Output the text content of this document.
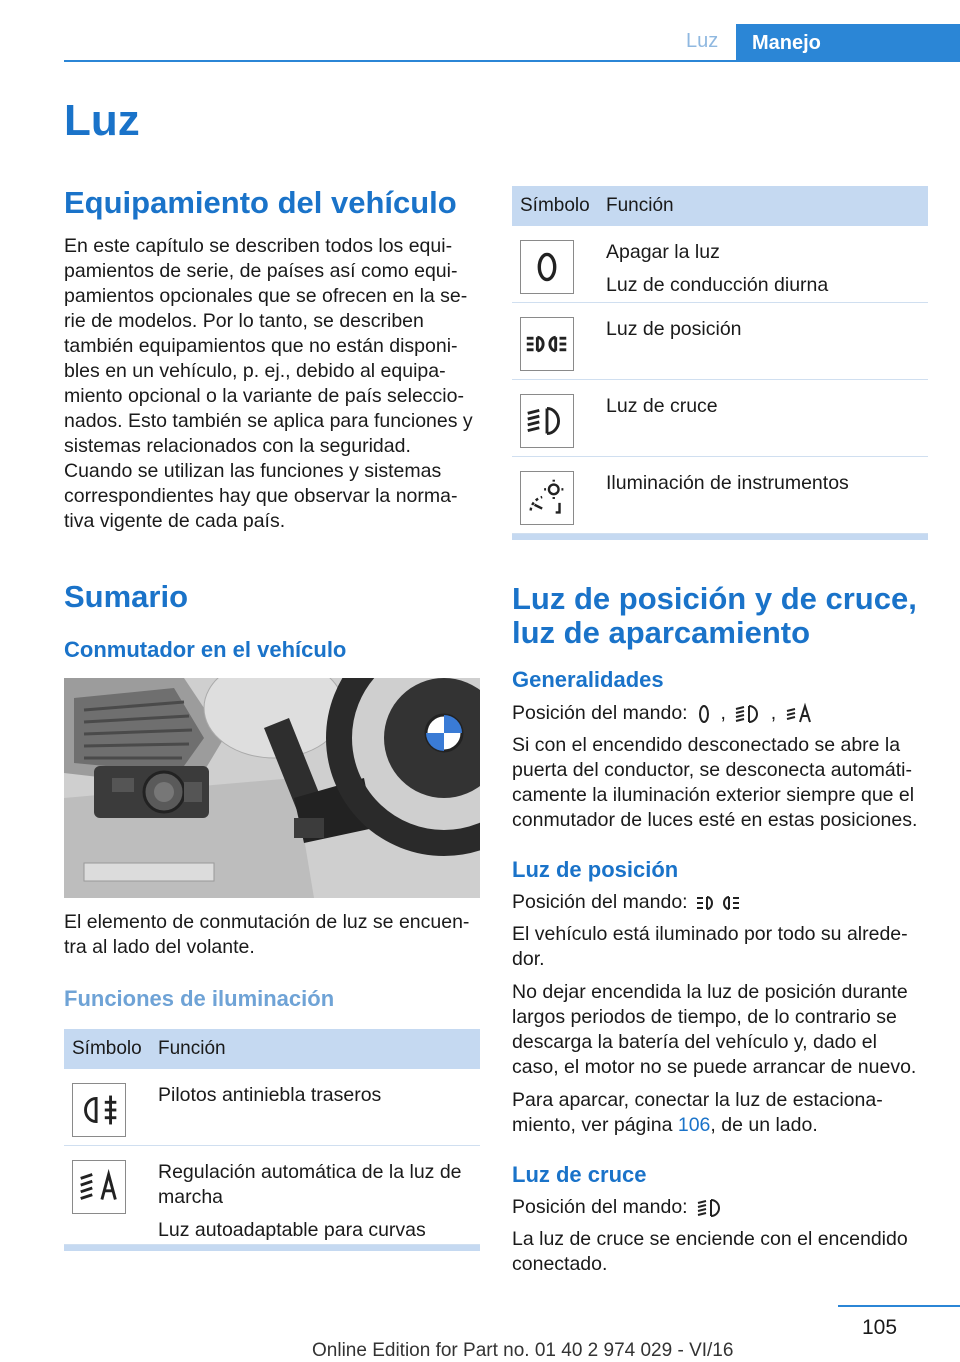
Luz	Manejo
Luz
Equipamiento del vehículo

En este capítulo se describen todos los equi‐
pamientos de serie, de países así como equi‐
pamientos opcionales que se ofrecen en la se‐
rie de modelos. Por lo tanto, se describen
también equipamientos que no están disponi‐
bles en un vehículo, p. ej., debido al equipa‐
miento opcional o la variante de país seleccio‐
nados. Esto también se aplica para funciones y
sistemas relacionados con la seguridad.
Cuando se utilizan las funciones y sistemas
correspondientes hay que observar la norma‐
tiva vigente de cada país.

Sumario
Conmutador en el vehículo

El elemento de conmutación de luz se encuen‐
tra al lado del volante.

Funciones de iluminación
Símbolo Función
Pilotos antiniebla traseros
Regulación automática de la luz de marcha
Luz autoadaptable para curvas
Símbolo Función
Apagar la luz
Luz de conducción diurna
Luz de posición
Luz de cruce
Iluminación de instrumentos
Luz de posición y de cruce,
luz de aparcamiento
Generalidades

Posición del mando:  ,  ,

Si con el encendido desconectado se abre la
puerta del conductor, se desconecta automáti‐
camente la iluminación exterior siempre que el
conmutador de luces esté en estas posiciones.

Luz de posición

Posición del mando:

El vehículo está iluminado por todo su alrede‐
dor.

No dejar encendida la luz de posición durante
largos periodos de tiempo, de lo contrario se
descarga la batería del vehículo y, dado el
caso, el motor no se puede arrancar de nuevo.

Para aparcar, conectar la luz de estaciona‐
miento, ver página 106, de un lado.

Luz de cruce

Posición del mando:

La luz de cruce se enciende con el encendido
conectado.

105
Online Edition for Part no. 01 40 2 974 029 - VI/16
